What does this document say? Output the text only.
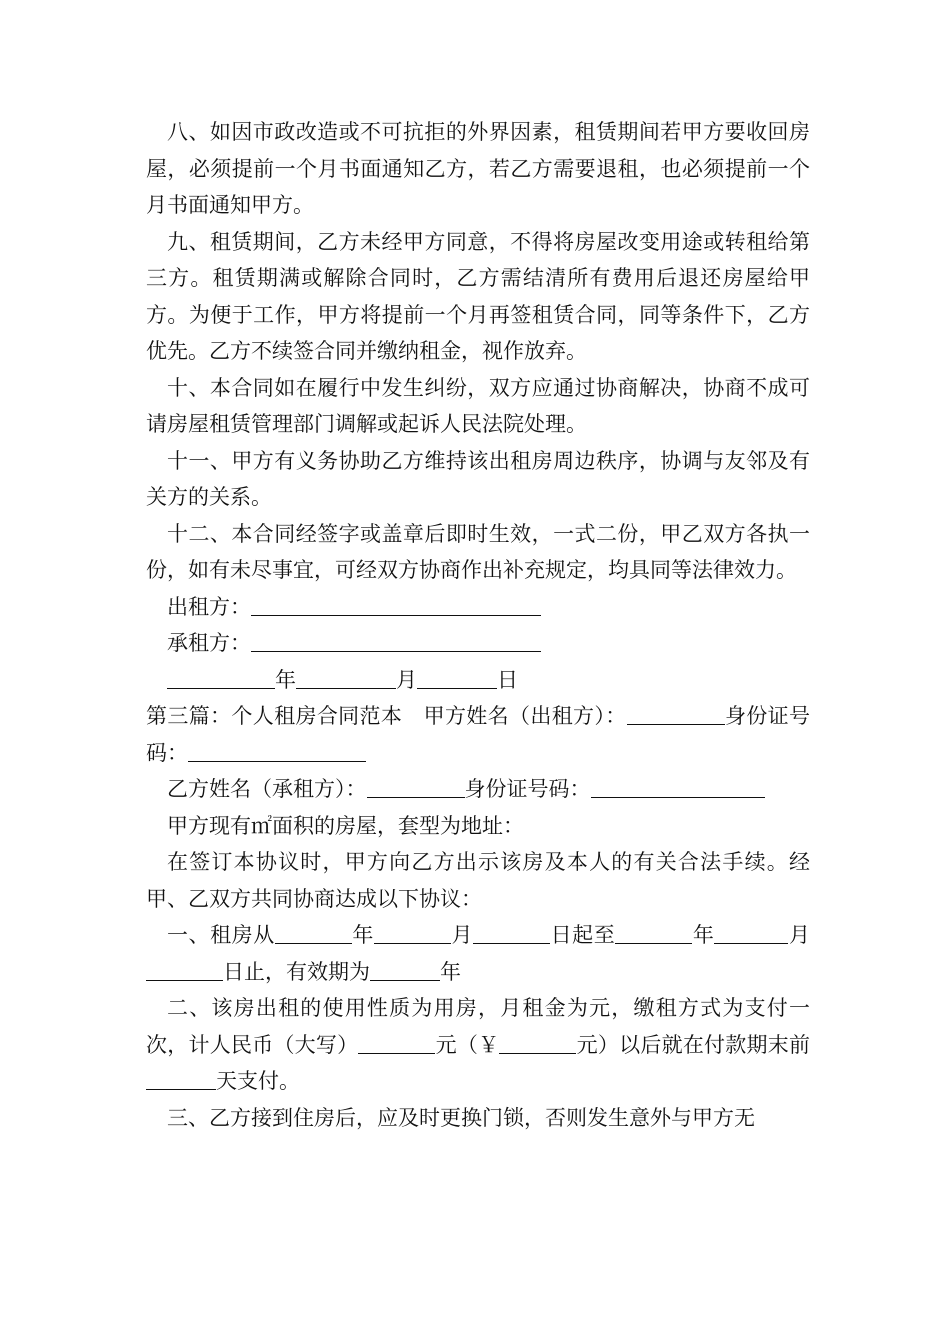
八、如因市政改造或不可抗拒的外界因素，租赁期间若甲方要收回房屋，必须提前一个月书面通知乙方，若乙方需要退租，也必须提前一个月书面通知甲方。

九、租赁期间，乙方未经甲方同意，不得将房屋改变用途或转租给第三方。租赁期满或解除合同时，乙方需结清所有费用后退还房屋给甲方。为便于工作，甲方将提前一个月再签租赁合同，同等条件下，乙方优先。乙方不续签合同并缴纳租金，视作放弃。

十、本合同如在履行中发生纠纷，双方应通过协商解决，协商不成可请房屋租赁管理部门调解或起诉人民法院处理。

十一、甲方有义务协助乙方维持该出租房周边秩序，协调与友邻及有关方的关系。

十二、本合同经签字或盖章后即时生效，一式二份，甲乙双方各执一份，如有未尽事宜，可经双方协商作出补充规定，均具同等法律效力。

出租方：

承租方：

年	月	日

第三篇：个人租房合同范本  甲方姓名（出租方）：	身份证号码：

乙方姓名（承租方）：	身份证号码：

甲方现有㎡面积的房屋，套型为地址：

在签订本协议时，甲方向乙方出示该房及本人的有关合法手续。经甲、乙双方共同协商达成以下协议：

一、租房从	年	月	日起至	年	月日止，有效期为	年

二、该房出租的使用性质为用房，月租金为元，缴租方式为支付一次，计人民币（大写）	元（￥	元）以后就在付款期末前天支付。

三、乙方接到住房后，应及时更换门锁，否则发生意外与甲方无
